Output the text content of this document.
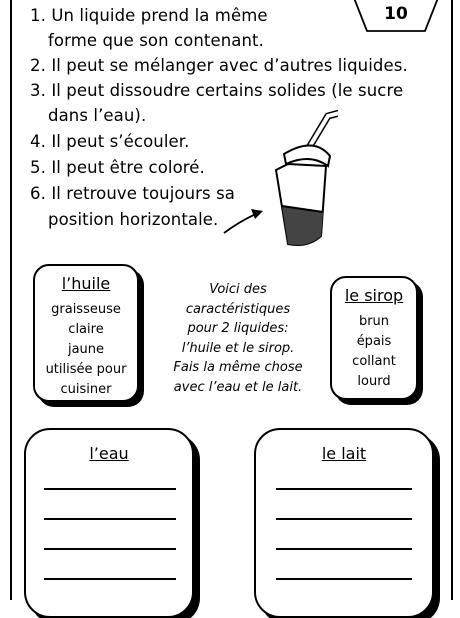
10
1. Un liquide prend la même
forme que son contenant.
2. Il peut se mélanger avec d’autres liquides.
3. Il peut dissoudre certains solides (le sucre
dans l’eau).
4. Il peut s’écouler.
5. Il peut être coloré.
6. Il retrouve toujours sa
position horizontale.
l’huile
graisseuse
claire
jaune
utilisée pour
cuisiner
Voici des
caractéristiques
pour 2 liquides:
l’huile et le sirop.
Fais la même chose
avec l’eau et le lait.
le sirop
brun
épais
collant
lourd
l’eau	le lait
